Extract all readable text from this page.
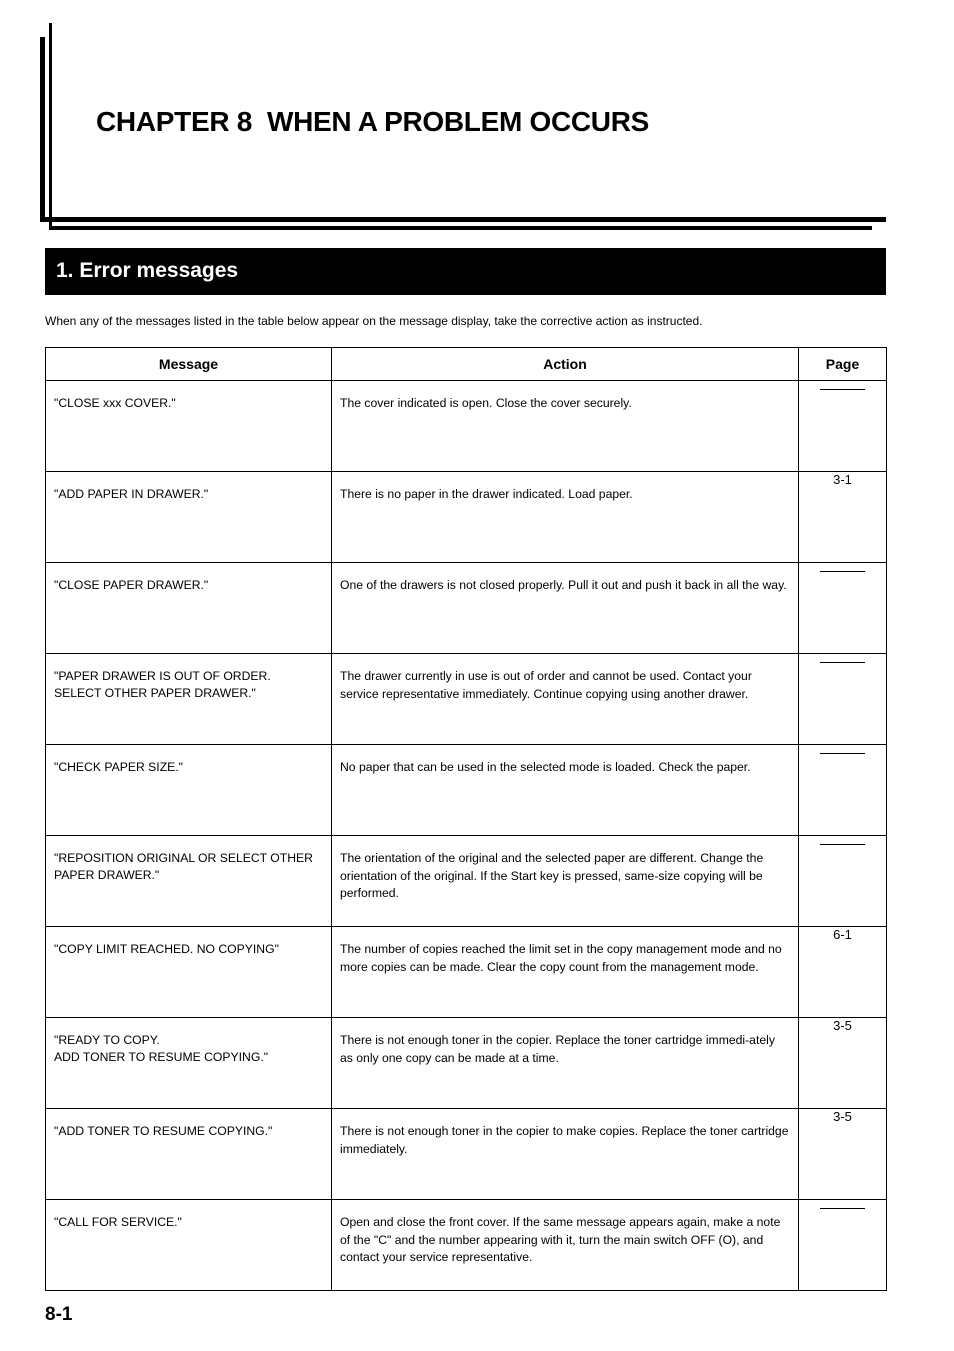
CHAPTER 8  WHEN A PROBLEM OCCURS
1. Error messages

When any of the messages listed in the table below appear on the message display, take the corrective action as instructed.

Message	Action	Page

"CLOSE xxx COVER."	The cover indicated is open. Close the cover securely.	

"ADD PAPER IN DRAWER."	There is no paper in the drawer indicated. Load paper.	3-1

"CLOSE PAPER DRAWER."	One of the drawers is not closed properly. Pull it out and push it back in all the way.	

"PAPER DRAWER IS OUT OF ORDER.
SELECT OTHER PAPER DRAWER."	The drawer currently in use is out of order and cannot be used. Contact your service representative immediately. Continue copying using another drawer.	

"CHECK PAPER SIZE."	No paper that can be used in the selected mode is loaded. Check the paper.	

"REPOSITION ORIGINAL OR SELECT OTHER PAPER DRAWER."	The orientation of the original and the selected paper are different. Change the orientation of the original. If the Start key is pressed, same-size copying will be performed.	

"COPY LIMIT REACHED. NO COPYING"	The number of copies reached the limit set in the copy management mode and no more copies can be made. Clear the copy count from the management mode.	6-1

"READY TO COPY.
ADD TONER TO RESUME COPYING."	There is not enough toner in the copier. Replace the toner cartridge immedi-ately as only one copy can be made at a time.	3-5

"ADD TONER TO RESUME COPYING."	There is not enough toner in the copier to make copies. Replace the toner cartridge immediately.	3-5

"CALL FOR SERVICE."	Open and close the front cover. If the same message appears again, make a note of the "C" and the number appearing with it, turn the main switch OFF (O), and contact your service representative.	

8-1
